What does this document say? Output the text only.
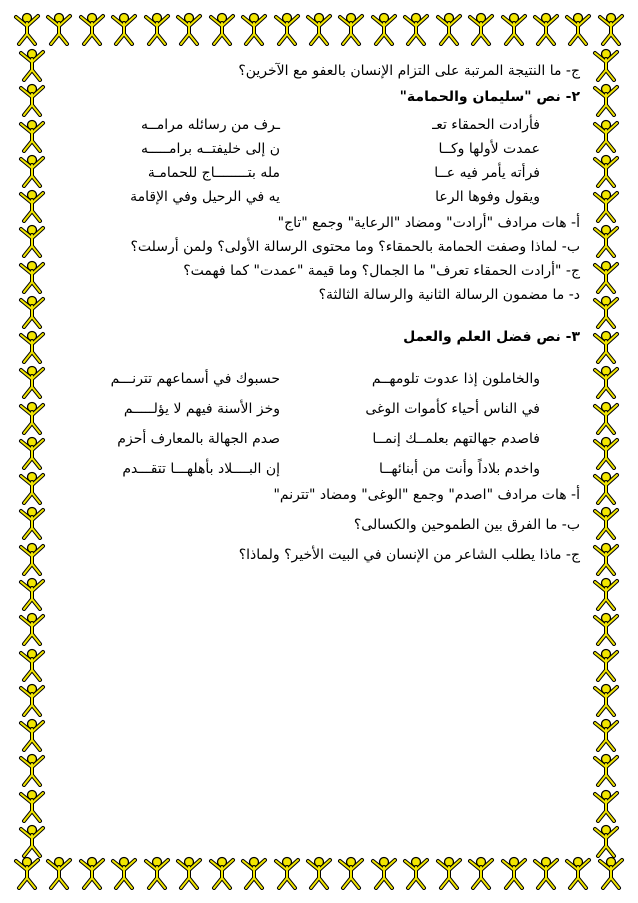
ج- ما النتيجة المرتبة على التزام الإنسان بالعفو مع الآخرين؟
٢- نص "سليمان والحمامة"
فأرادت الحمقاء تعـ
ـرف من رسائله مرامــه
عمدت لأولها وكــا
ن إلى خليفتــه برامـــــه
فرأته يأمر فيه عــا
مله بتــــــــاج للحمامـة
ويقول وفوها الرعا
يه في الرحيل وفي الإقامة
أ- هات مرادف "أرادت" ومضاد "الرعاية" وجمع "تاج"
ب- لماذا وصفت الحمامة بالحمقاء؟ وما محتوى الرسالة الأولى؟ ولمن أرسلت؟
ج- "أرادت الحمقاء تعرف" ما الجمال؟ وما قيمة "عمدت" كما فهمت؟
د- ما مضمون الرسالة الثانية والرسالة الثالثة؟
٣- نص فضل العلم والعمل
والخاملون إذا عدوت تلومهــم
حسبوك في أسماعهم تترنـــم
في الناس أحياء كأموات الوغى
وخز الأسنة فيهم لا يؤلـــــم
فاصدم جهالتهم بعلمــك إنمــا
صدم الجهالة بالمعارف أحزم
واخدم بلاداً وأنت من أبنائهــا
إن البــــلاد بأهلهـــا تتقـــدم
أ- هات مرادف "اصدم" وجمع "الوغى" ومضاد "تترنم"
ب- ما الفرق بين الطموحين والكسالى؟
ج- ماذا يطلب الشاعر من الإنسان في البيت الأخير؟ ولماذا؟
